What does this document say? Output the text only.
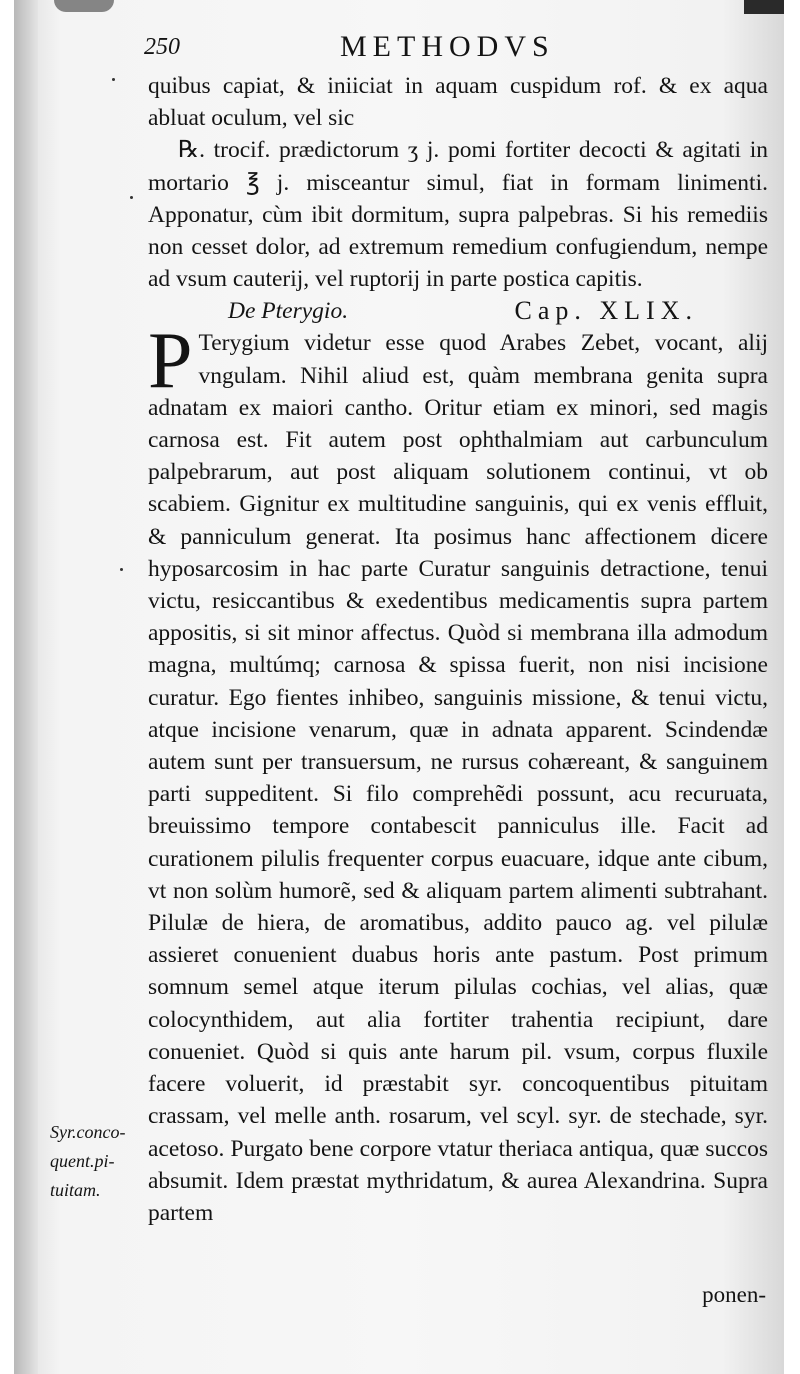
250	METHODVS

quibus capiat, & iniiciat in aquam cuspidum rof. & ex aqua abluat oculum, vel sic

℞. trocif. prædictorum ʒ j. pomi fortiter decocti & agitati in mortario ℥ j. misceantur simul, fiat in formam linimenti. Apponatur, cùm ibit dormitum, supra palpebras. Si his remediis non cesset dolor, ad extremum remedium confugiendum, nempe ad vsum cauterij, vel ruptorij in parte postica capitis.

De Pterygio.	Cap. XLIX.

P Terygium videtur esse quod Arabes Zebet, vocant, alij vngulam. Nihil aliud est, quàm membrana genita supra adnatam ex maiori cantho. Oritur etiam ex minori, sed magis carnosa est. Fit autem post ophthalmiam aut carbunculum palpebrarum, aut post aliquam solutionem continui, vt ob scabiem. Gignitur ex multitudine sanguinis, qui ex venis effluit, & panniculum generat. Ita posimus hanc affectionem dicere hyposarcosim in hac parte Curatur sanguinis detractione, tenui victu, resiccantibus & exedentibus medicamentis supra partem appositis, si sit minor affectus. Quòd si membrana illa admodum magna, multúmq; carnosa & spissa fuerit, non nisi incisione curatur. Ego fientes inhibeo, sanguinis missione, & tenui victu, atque incisione venarum, quæ in adnata apparent. Scindendæ autem sunt per transuersum, ne rursus cohæreant, & sanguinem parti suppeditent. Si filo comprehẽdi possunt, acu recuruata, breuissimo tempore contabescit panniculus ille. Facit ad curationem pilulis frequenter corpus euacuare, idque ante cibum, vt non solùm humorẽ, sed & aliquam partem alimenti subtrahant. Pilulæ de hiera, de aromatibus, addito pauco ag. vel pilulæ assieret conuenient duabus horis ante pastum. Post primum somnum semel atque iterum pilulas cochias, vel alias, quæ colocynthidem, aut alia fortiter trahentia recipiunt, dare conueniet. Quòd si quis ante harum pil. vsum, corpus fluxile facere voluerit, id præstabit syr. concoquentibus pituitam crassam, vel melle anth. rosarum, vel scyl. syr. de stechade, syr. acetoso. Purgato bene corpore vtatur theriaca antiqua, quæ succos absumit. Idem præstat mythridatum, & aurea Alexandrina. Supra partem

Syr.conco-
quent.pi-
tuitam.
ponen-
